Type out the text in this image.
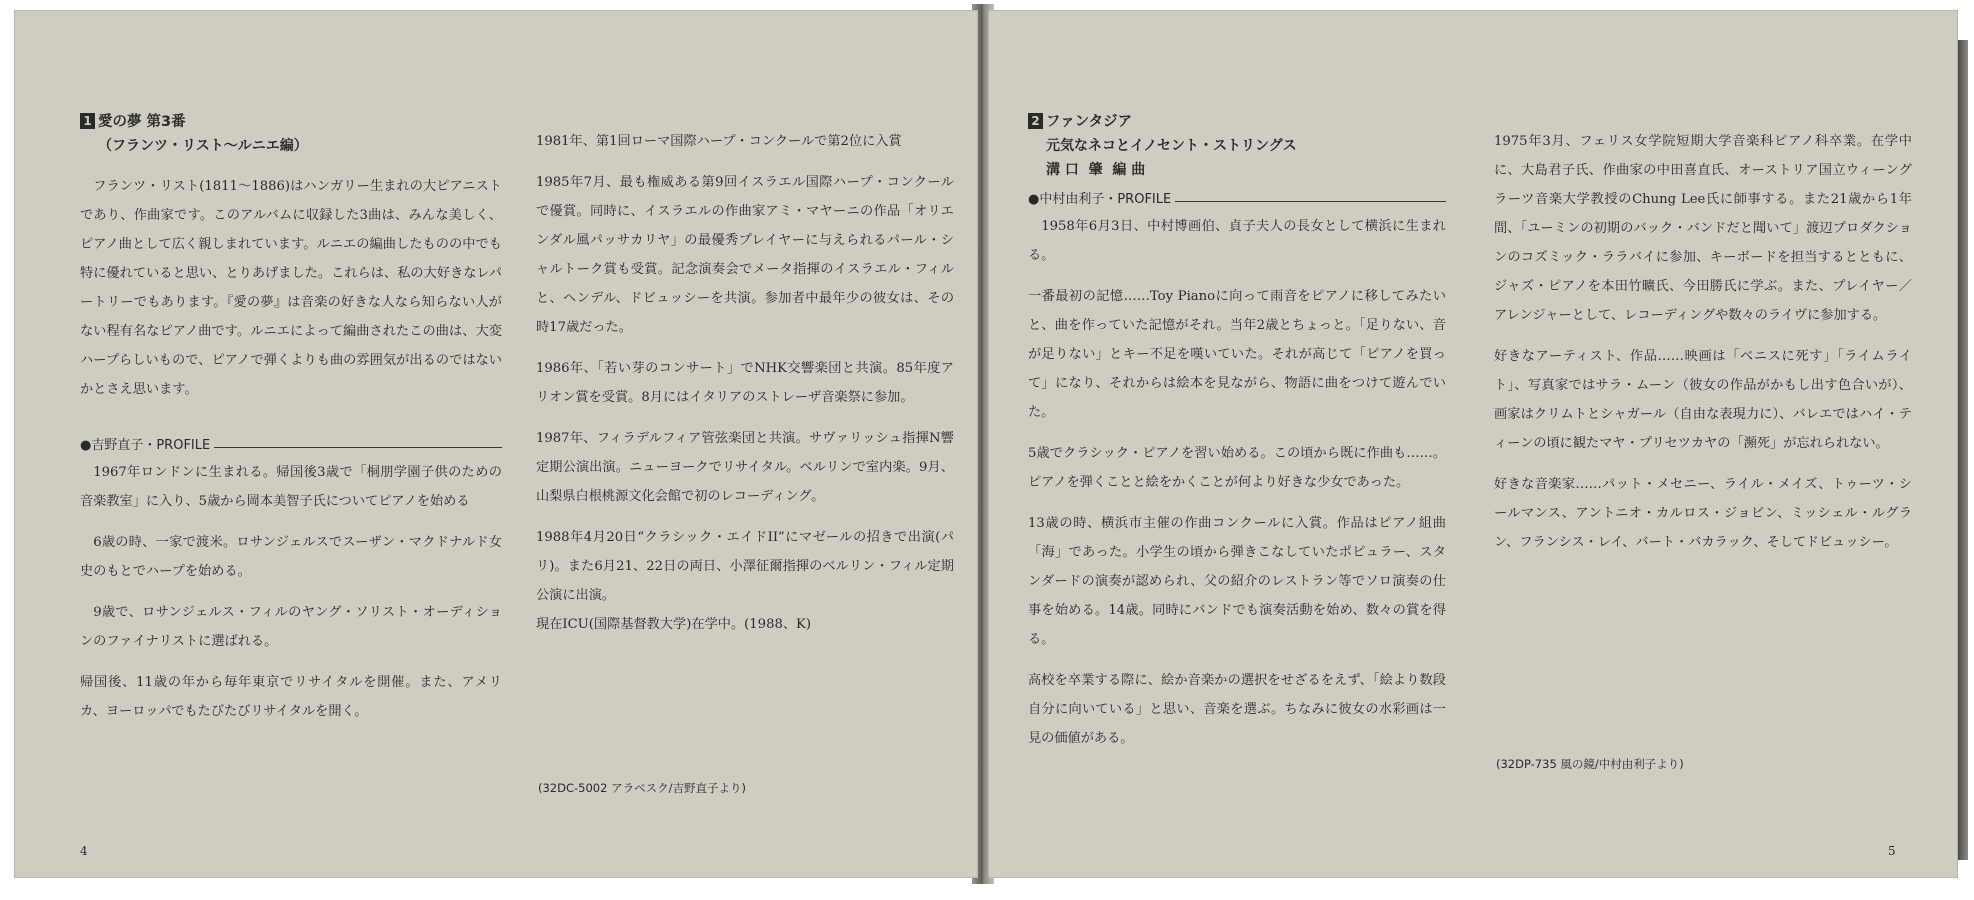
1 愛の夢 第3番
（フランツ・リスト〜ルニエ編）

フランツ・リスト(1811〜1886)はハンガリー生まれの大ピアニストであり、作曲家です。このアルバムに収録した3曲は、みんな美しく、ピアノ曲として広く親しまれています。ルニエの編曲したものの中でも特に優れていると思い、とりあげました。これらは、私の大好きなレパートリーでもあります。『愛の夢』は音楽の好きな人なら知らない人がない程有名なピアノ曲です。ルニエによって編曲されたこの曲は、大変ハープらしいもので、ピアノで弾くよりも曲の雰囲気が出るのではないかとさえ思います。

●吉野直子・PROFILE

1967年ロンドンに生まれる。帰国後3歳で「桐朋学園子供のための音楽教室」に入り、5歳から岡本美智子氏についてピアノを始める

6歳の時、一家で渡米。ロサンジェルスでスーザン・マクドナルド女史のもとでハープを始める。

9歳で、ロサンジェルス・フィルのヤング・ソリスト・オーディションのファイナリストに選ばれる。

帰国後、11歳の年から毎年東京でリサイタルを開催。また、アメリカ、ヨーロッパでもたびたびリサイタルを開く。

1981年、第1回ローマ国際ハープ・コンクールで第2位に入賞

1985年7月、最も権威ある第9回イスラエル国際ハープ・コンクールで優賞。同時に、イスラエルの作曲家アミ・マヤーニの作品「オリエンダル風パッサカリヤ」の最優秀プレイヤーに与えられるパール・シャルトーク賞も受賞。記念演奏会でメータ指揮のイスラエル・フィルと、ヘンデル、ドビュッシーを共演。参加者中最年少の彼女は、その時17歳だった。

1986年、「若い芽のコンサート」でNHK交響楽団と共演。85年度アリオン賞を受賞。8月にはイタリアのストレーザ音楽祭に参加。

1987年、フィラデルフィア管弦楽団と共演。サヴァリッシュ指揮N響定期公演出演。ニューヨークでリサイタル。ベルリンで室内楽。9月、山梨県白根桃源文化会館で初のレコーディング。

1988年4月20日“クラシック・エイドII”にマゼールの招きで出演(パリ)。また6月21、22日の両日、小澤征爾指揮のベルリン・フィル定期公演に出演。
現在ICU(国際基督教大学)在学中。(1988、K)

(32DC-5002 アラベスク/吉野直子より)
4
2 ファンタジア
元気なネコとイノセント・ストリングス
溝 口  肇  編 曲
●中村由利子・PROFILE

1958年6月3日、中村博画伯、貞子夫人の長女として横浜に生まれる。

一番最初の記憶……Toy Pianoに向って雨音をピアノに移してみたいと、曲を作っていた記憶がそれ。当年2歳とちょっと。「足りない、音が足りない」とキー不足を嘆いていた。それが高じて「ピアノを買って」になり、それからは絵本を見ながら、物語に曲をつけて遊んでいた。

5歳でクラシック・ピアノを習い始める。この頃から既に作曲も……。ピアノを弾くことと絵をかくことが何より好きな少女であった。

13歳の時、横浜市主催の作曲コンクールに入賞。作品はピアノ組曲「海」であった。小学生の頃から弾きこなしていたポピュラー、スタンダードの演奏が認められ、父の紹介のレストラン等でソロ演奏の仕事を始める。14歳。同時にバンドでも演奏活動を始め、数々の賞を得る。

高校を卒業する際に、絵か音楽かの選択をせざるをえず、「絵より数段自分に向いている」と思い、音楽を選ぶ。ちなみに彼女の水彩画は一見の価値がある。

1975年3月、フェリス女学院短期大学音楽科ピアノ科卒業。在学中に、大島君子氏、作曲家の中田喜直氏、オーストリア国立ウィーングラーツ音楽大学教授のChung Lee氏に師事する。また21歳から1年間、「ユーミンの初期のバック・バンドだと聞いて」渡辺プロダクションのコズミック・ララバイに参加、キーボードを担当するとともに、ジャズ・ピアノを本田竹曠氏、今田勝氏に学ぶ。また、プレイヤー／アレンジャーとして、レコーディングや数々のライヴに参加する。

好きなアーティスト、作品……映画は「ベニスに死す」「ライムライト」、写真家ではサラ・ムーン（彼女の作品がかもし出す色合いが）、画家はクリムトとシャガール（自由な表現力に）、バレエではハイ・ティーンの頃に観たマヤ・プリセツカヤの「瀕死」が忘れられない。

好きな音楽家……パット・メセニー、ライル・メイズ、トゥーツ・シールマンス、アントニオ・カルロス・ジョビン、ミッシェル・ルグラン、フランシス・レイ、バート・バカラック、そしてドビュッシー。

(32DP-735 風の鏡/中村由利子より)
5
